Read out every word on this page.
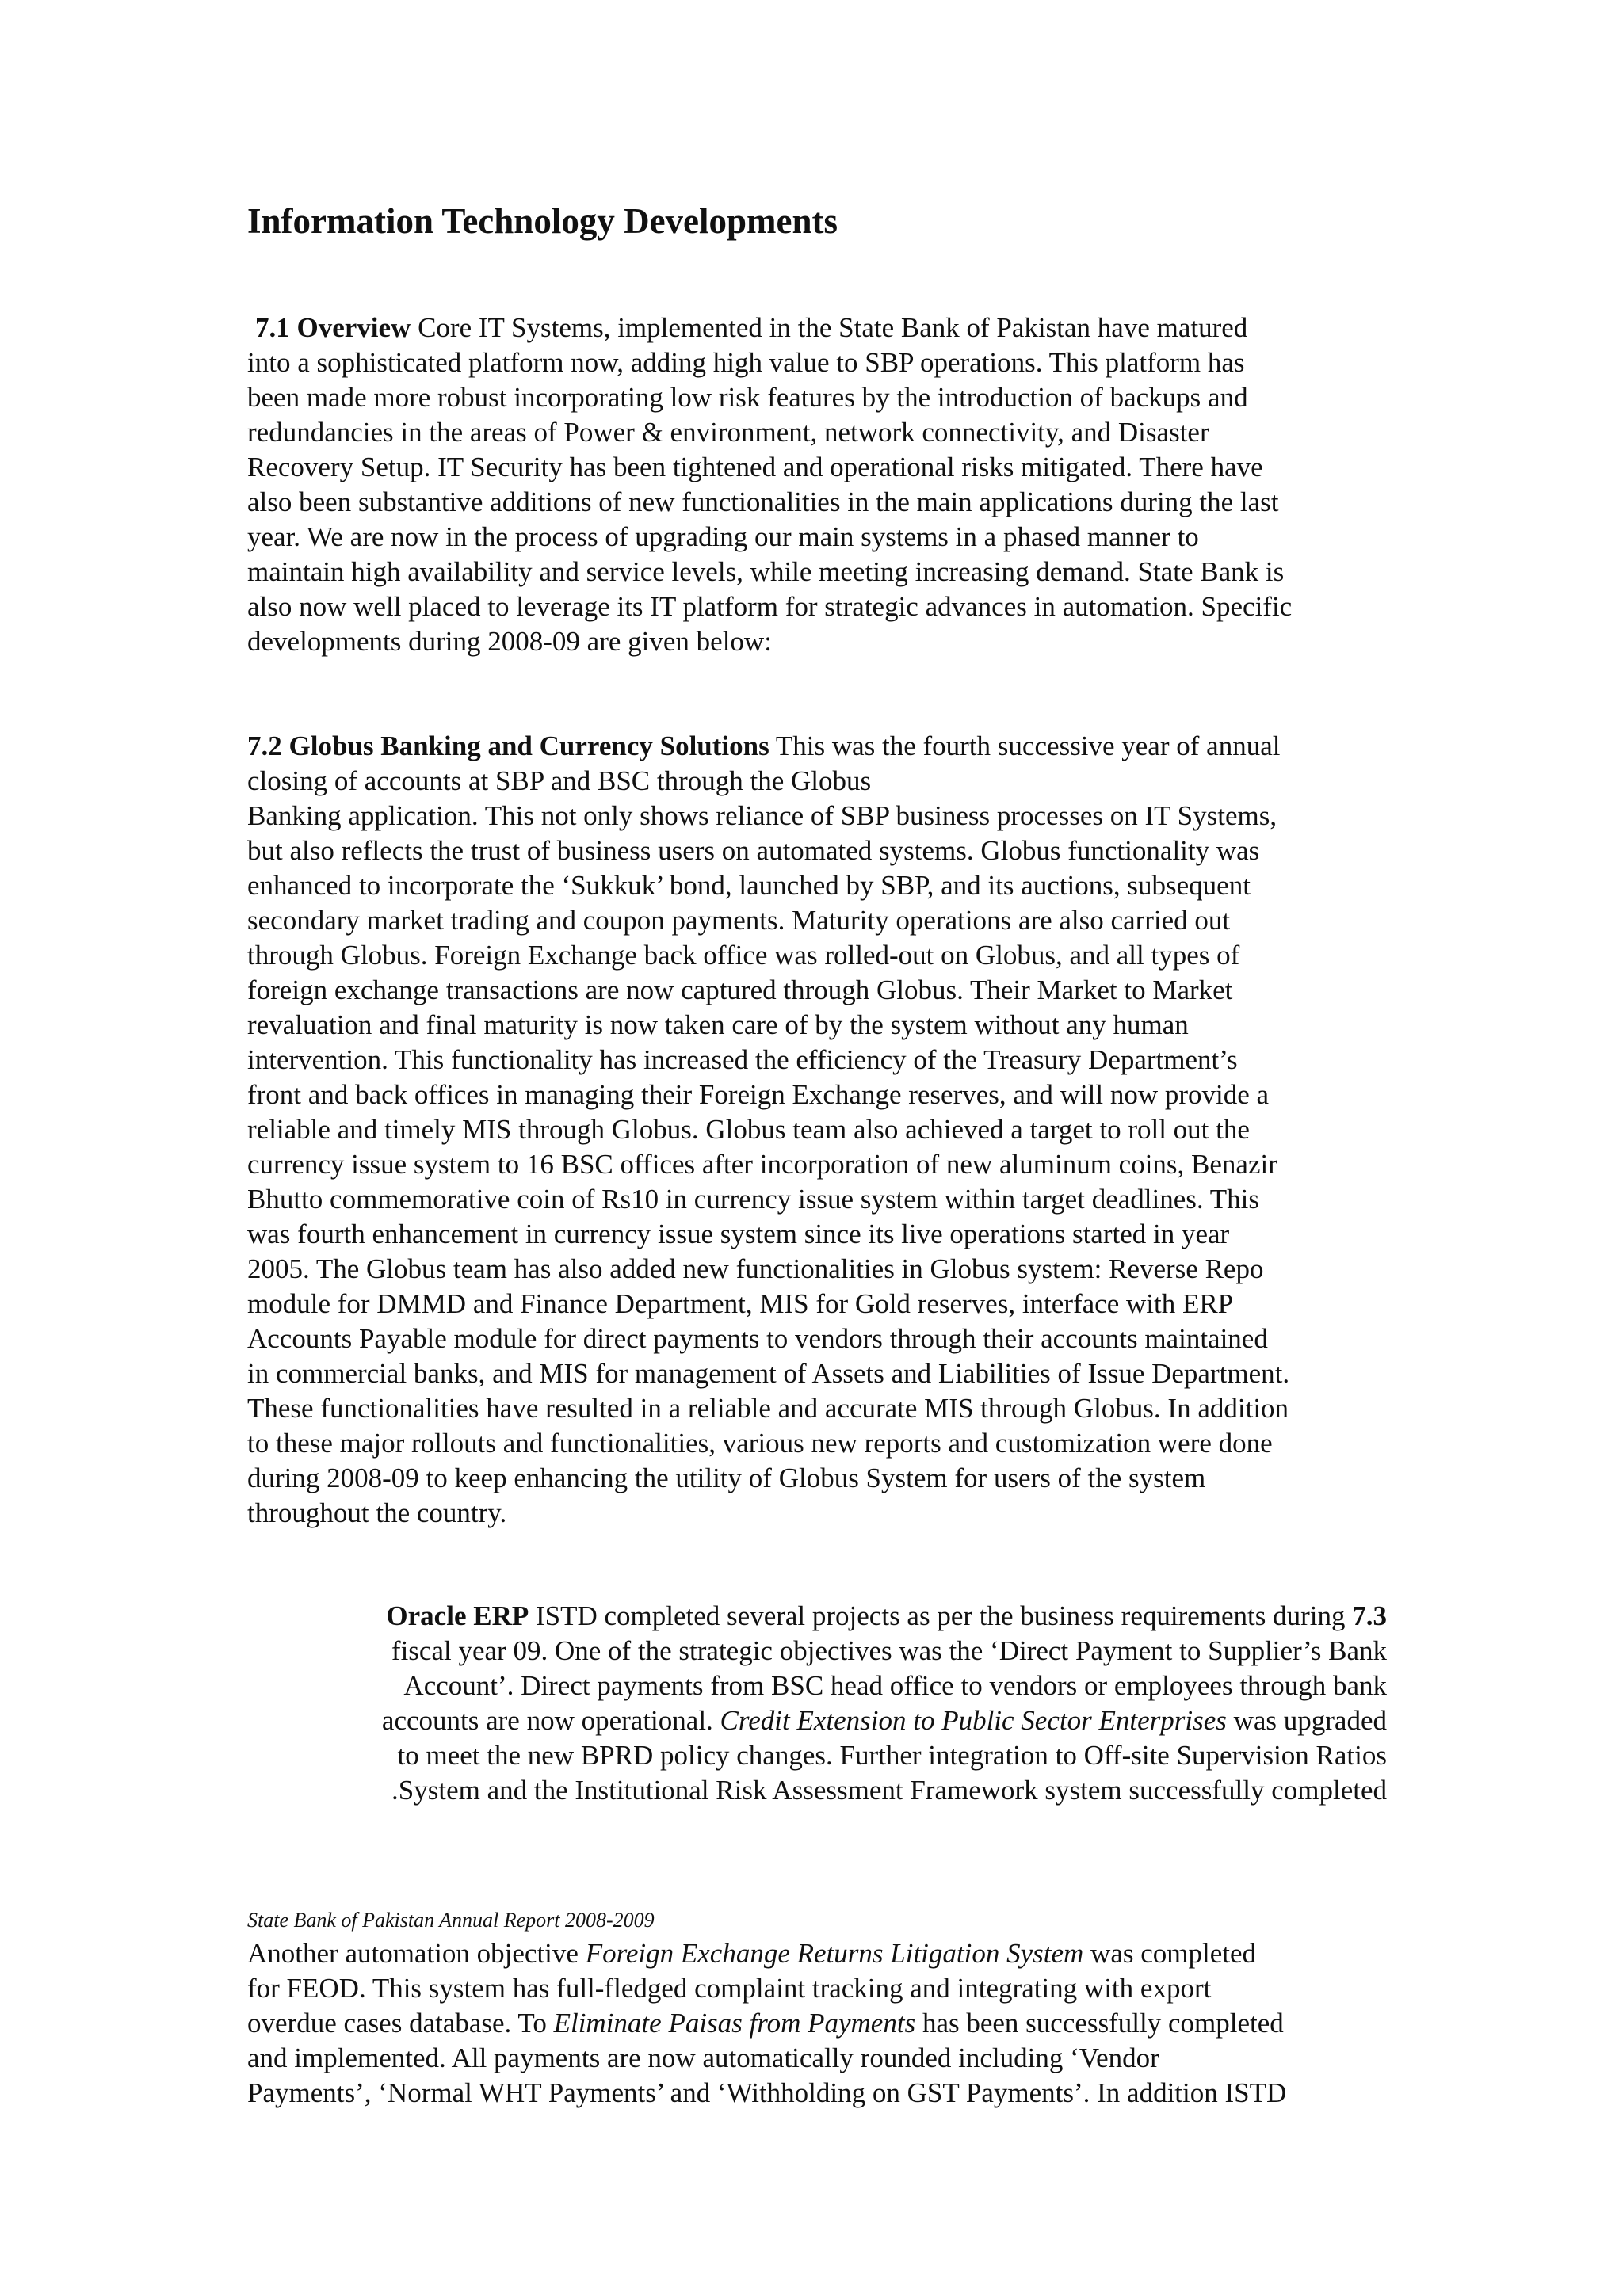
Information Technology Developments

7.1 Overview Core IT Systems, implemented in the State Bank of Pakistan have matured

into a sophisticated platform now, adding high value to SBP operations. This platform has

been made more robust incorporating low risk features by the introduction of backups and

redundancies in the areas of Power & environment, network connectivity, and Disaster

Recovery Setup. IT Security has been tightened and operational risks mitigated. There have

also been substantive additions of new functionalities in the main applications during the last

year. We are now in the process of upgrading our main systems in a phased manner to

maintain high availability and service levels, while meeting increasing demand. State Bank is

also now well placed to leverage its IT platform for strategic advances in automation. Specific

developments during 2008-09 are given below:

7.2 Globus Banking and Currency Solutions This was the fourth successive year of annual

closing of accounts at SBP and BSC through the Globus

Banking application. This not only shows reliance of SBP business processes on IT Systems,

but also reflects the trust of business users on automated systems. Globus functionality was

enhanced to incorporate the ‘Sukkuk’ bond, launched by SBP, and its auctions, subsequent

secondary market trading and coupon payments. Maturity operations are also carried out

through Globus. Foreign Exchange back office was rolled-out on Globus, and all types of

foreign exchange transactions are now captured through Globus. Their Market to Market

revaluation and final maturity is now taken care of by the system without any human

intervention. This functionality has increased the efficiency of the Treasury Department’s

front and back offices in managing their Foreign Exchange reserves, and will now provide a

reliable and timely MIS through Globus. Globus team also achieved a target to roll out the

currency issue system to 16 BSC offices after incorporation of new aluminum coins, Benazir

Bhutto commemorative coin of Rs10 in currency issue system within target deadlines. This

was fourth enhancement in currency issue system since its live operations started in year

2005. The Globus team has also added new functionalities in Globus system: Reverse Repo

module for DMMD and Finance Department, MIS for Gold reserves, interface with ERP

Accounts Payable module for direct payments to vendors through their accounts maintained

in commercial banks, and MIS for management of Assets and Liabilities of Issue Department.

These functionalities have resulted in a reliable and accurate MIS through Globus. In addition

to these major rollouts and functionalities, various new reports and customization were done

during 2008-09 to keep enhancing the utility of Globus System for users of the system

throughout the country.

Oracle ERP ISTD completed several projects as per the business requirements during 7.3

fiscal year 09. One of the strategic objectives was the ‘Direct Payment to Supplier’s Bank

Account’. Direct payments from BSC head office to vendors or employees through bank

accounts are now operational. Credit Extension to Public Sector Enterprises was upgraded

to meet the new BPRD policy changes. Further integration to Off-site Supervision Ratios

.System and the Institutional Risk Assessment Framework system successfully completed

State Bank of Pakistan Annual Report 2008-2009

Another automation objective Foreign Exchange Returns Litigation System was completed

for FEOD. This system has full-fledged complaint tracking and integrating with export

overdue cases database. To Eliminate Paisas from Payments has been successfully completed

and implemented. All payments are now automatically rounded including ‘Vendor

Payments’, ‘Normal WHT Payments’ and ‘Withholding on GST Payments’. In addition ISTD
